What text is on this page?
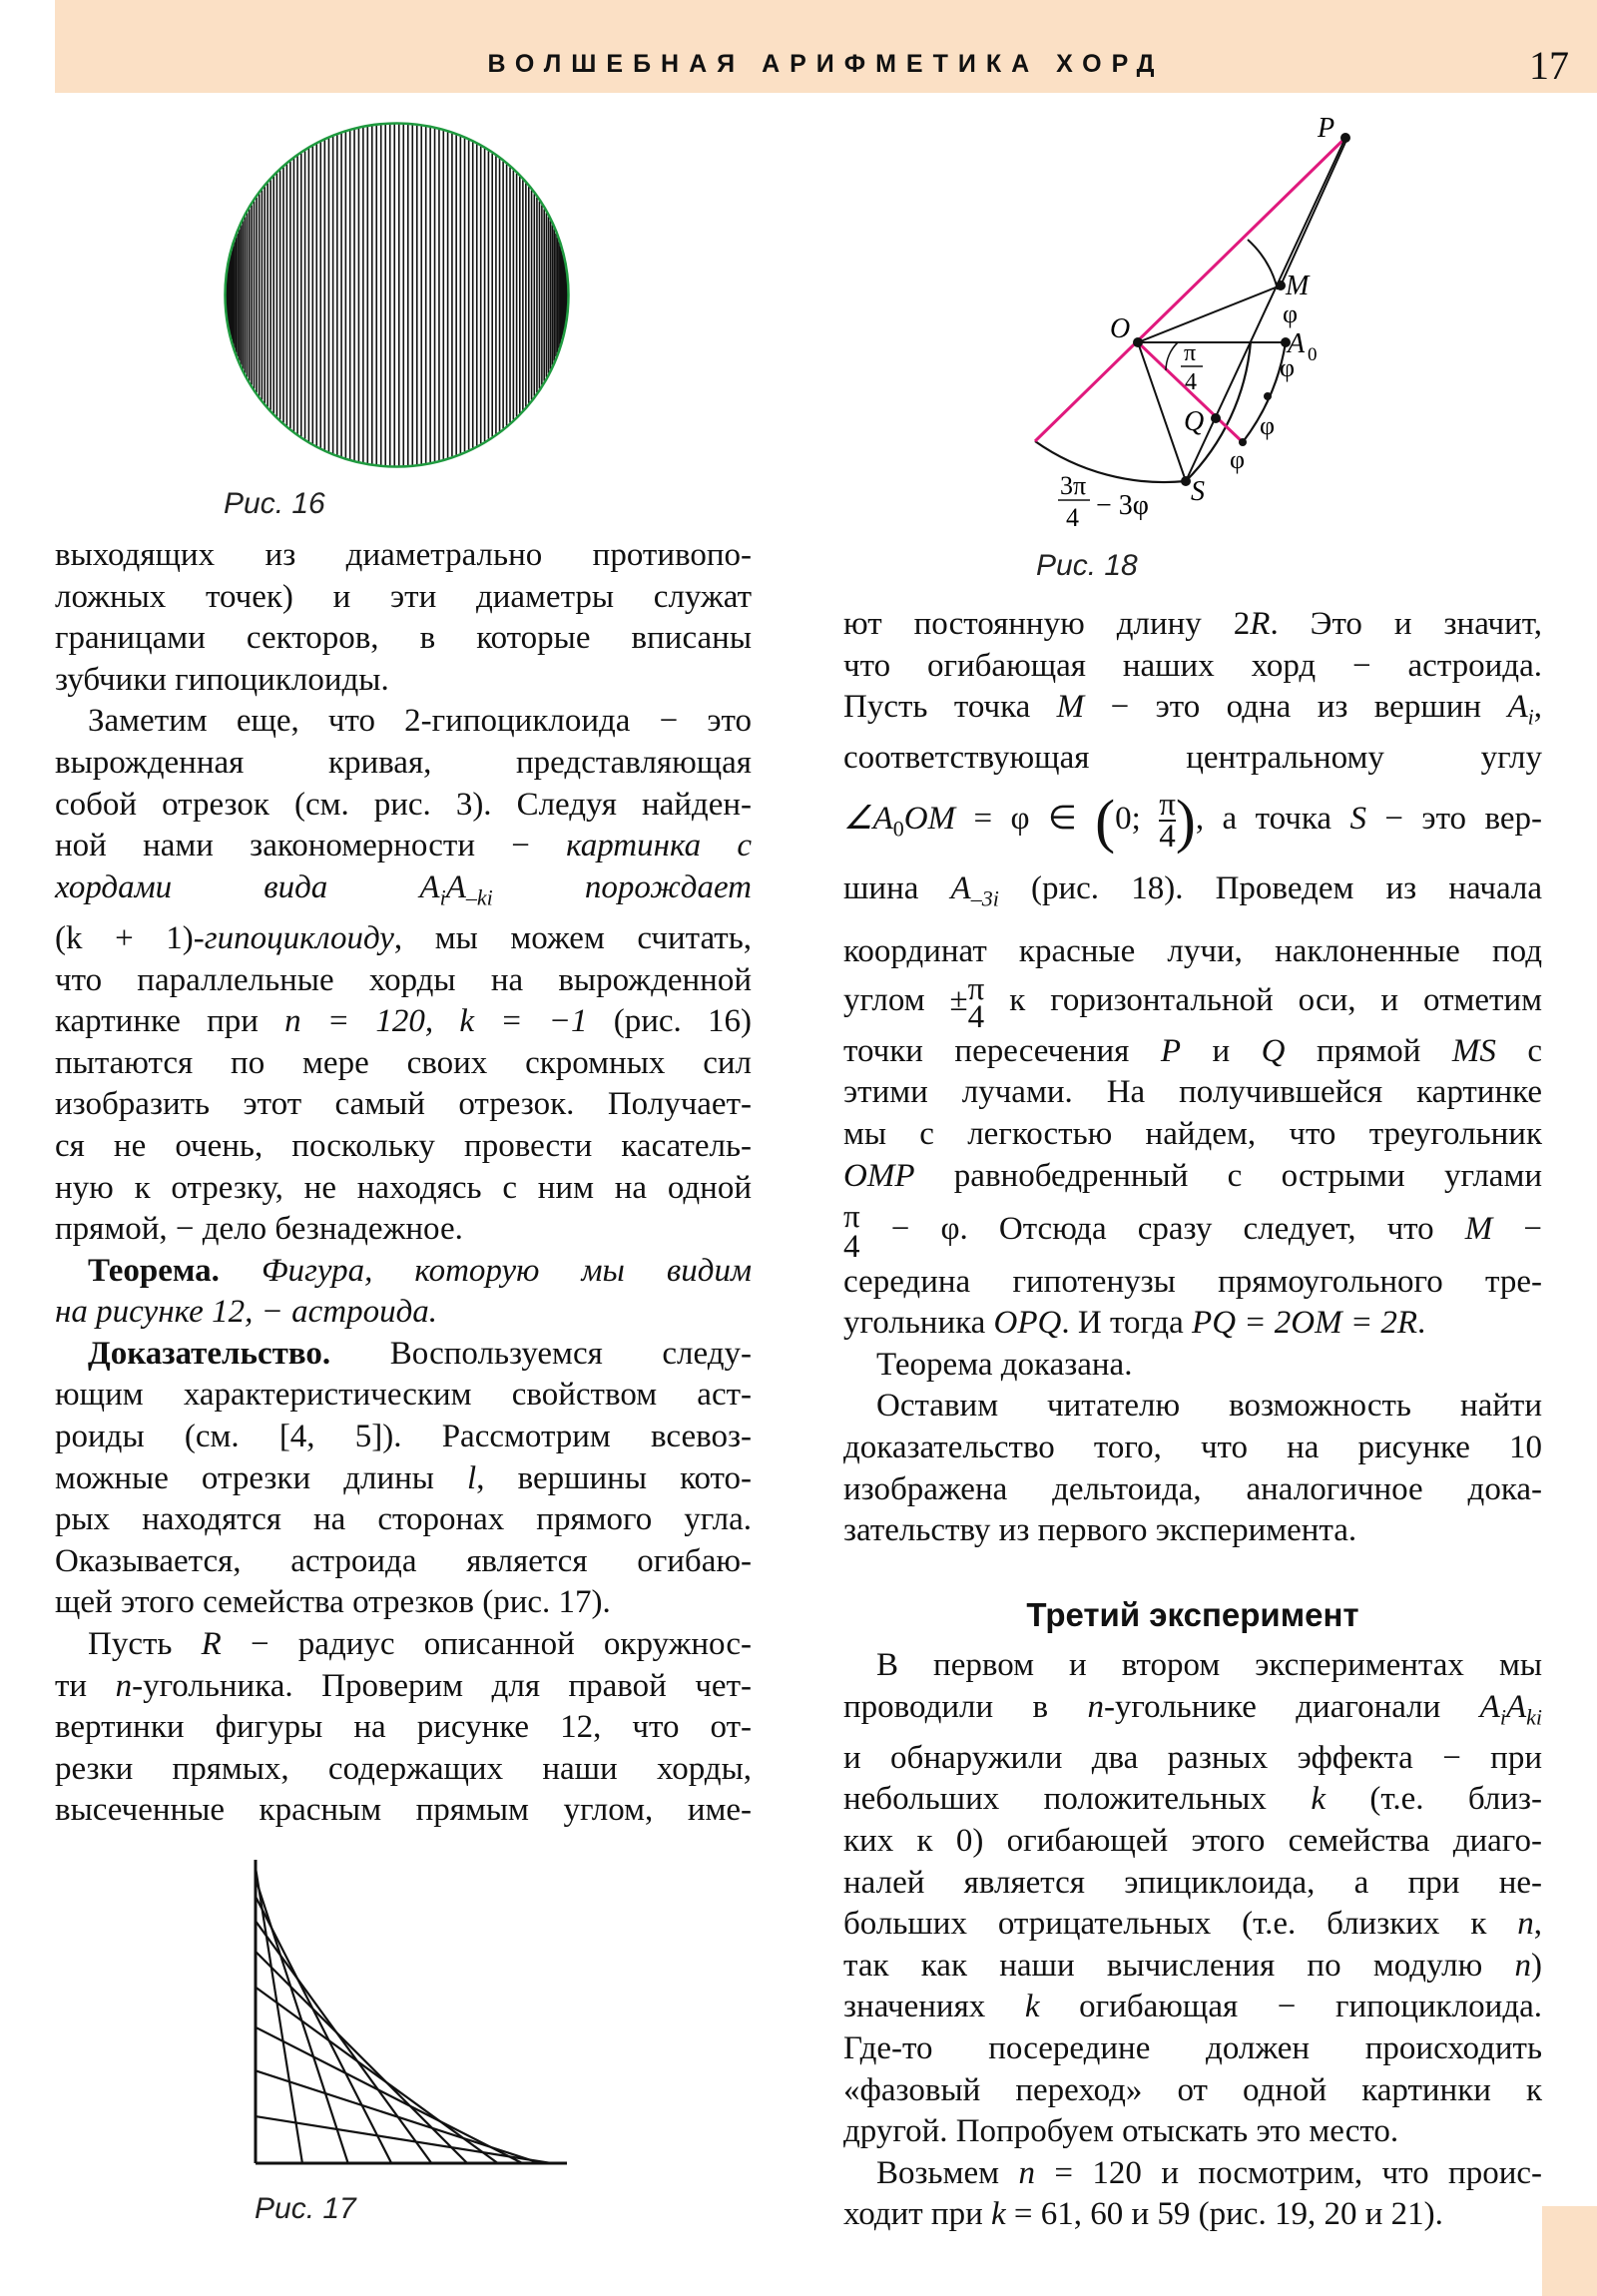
ВОЛШЕБНАЯ АРИФМЕТИКА ХОРД	17
Рис. 16
P
M
O	A 0
Q
S
φ
φ
φ
φ
π
4
3π
4 − 3φ
Рис. 18

выходящих из диаметрально противопо-
ложных точек) и эти диаметры служат
границами секторов, в которые вписаны
зубчики гипоциклоиды.

Заметим еще, что 2-гипоциклоида − это
вырожденная кривая, представляющая
собой отрезок (см. рис. 3). Следуя найден-
ной нами закономерности − картинка с
хордами вида	$A_iA_{-ki}$	порождает
(k + 1)-гипоциклоиду, мы можем считать,
что параллельные хорды на вырожденной
картинке при n = 120, k = −1 (рис. 16)
пытаются по мере своих скромных сил
изобразить этот самый отрезок. Получает-
ся не очень, поскольку провести касатель-
ную к отрезку, не находясь с ним на одной
прямой, − дело безнадежное.

Теорема. Фигура, которую мы видим
на рисунке 12, − астроида.

Доказательство. Воспользуемся следу-
ющим характеристическим свойством аст-
роиды (см. [4, 5]). Рассмотрим всевоз-
можные отрезки длины l, вершины кото-
рых находятся на сторонах прямого угла.
Оказывается, астроида является огибаю-
щей этого семейства отрезков (рис. 17).

Пусть R − радиус описанной окружнос-
ти n-угольника. Проверим для правой чет-
вертинки фигуры на рисунке 12, что от-
резки прямых, содержащих наши хорды,
высеченные красным прямым углом, име-

Рис. 17

ют постоянную длину 2R. Это и значит,
что огибающая наших хорд − астроида.
Пусть точка M − это одна из вершин $A_i$,
соответствующая центральному углу
$\angle A_0OM = \varphi$ ∈ (0; $\frac{\pi}{4}$ ), а точка S − это вер-
шина $A_{-3i}$ (рис. 18). Проведем из начала
координат красные лучи, наклоненные под
углом ± π
4 к горизонтальной оси, и отметим
точки пересечения P и Q прямой MS с
этими лучами. На получившейся картинке
мы с легкостью найдем, что треугольник
OMP равнобедренный с острыми углами
π
4 − φ. Отсюда сразу следует, что M −
середина гипотенузы прямоугольного тре-
угольника OPQ. И тогда PQ = 2OM = 2R.

Теорема доказана.

Оставим читателю возможность найти
доказательство того, что на рисунке 10
изображена дельтоида, аналогичное дока-
зательству из первого эксперимента.

Третий эксперимент

В первом и втором экспериментах мы
проводили в n-угольнике диагонали $A_iA_{ki}$
и обнаружили два разных эффекта − при
небольших положительных k (т.е. близ-
ких к 0) огибающей этого семейства диаго-
налей является эпициклоида, а при не-
больших отрицательных (т.е. близких к n,
так как наши вычисления по модулю n)
значениях k огибающая − гипоциклоида.
Где-то посередине должен происходить
«фазовый переход» от одной картинки к
другой. Попробуем отыскать это место.

Возьмем n = 120 и посмотрим, что проис-
ходит при k = 61, 60 и 59 (рис. 19, 20 и 21).
